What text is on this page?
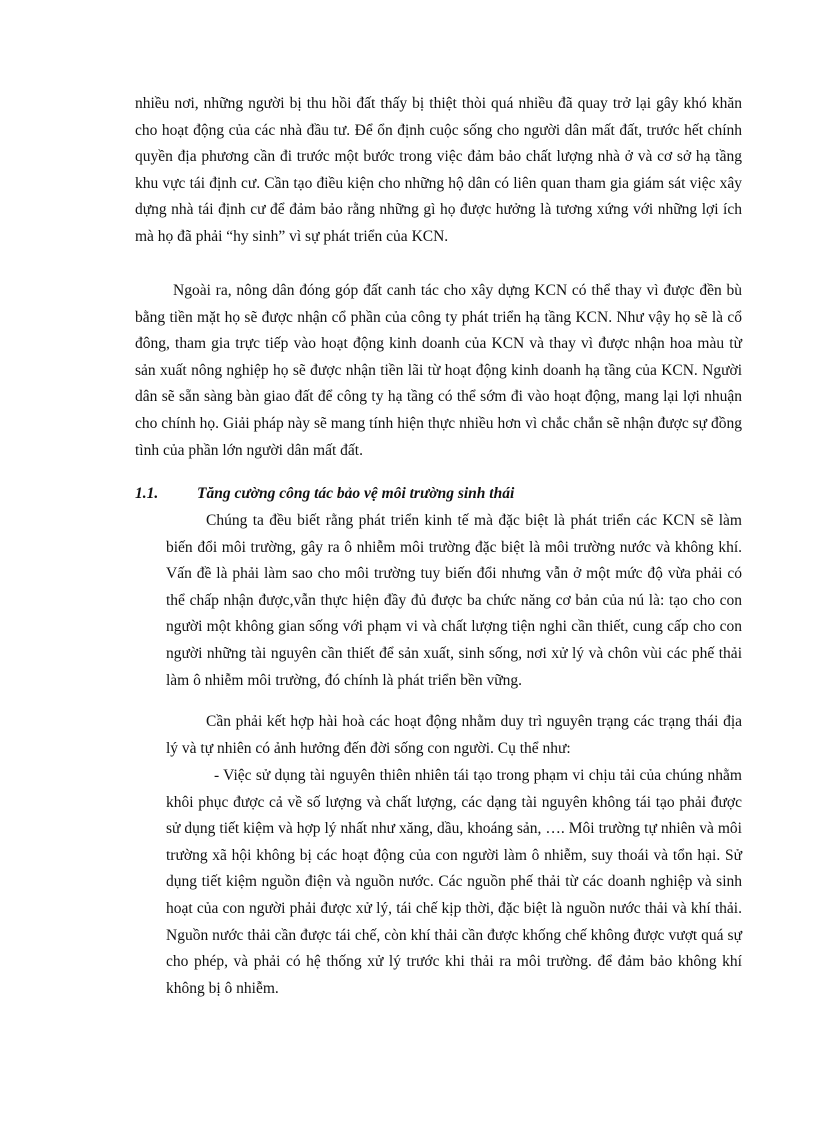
nhiều nơi, những người bị thu hồi đất thấy bị thiệt thòi quá nhiều đã quay trở lại gây khó khăn cho hoạt động của các nhà đầu tư. Để ổn định cuộc sống cho người dân mất đất, trước hết chính quyền địa phương cần đi trước một bước trong việc đảm bảo chất lượng nhà ở và cơ sở hạ tầng khu vực tái định cư. Cần tạo điều kiện cho những hộ dân có liên quan tham gia giám sát việc xây dựng nhà tái định cư để đảm bảo rằng những gì họ được hưởng là tương xứng với những lợi ích mà họ đã phải “hy sinh” vì sự phát triển của KCN.

Ngoài ra, nông dân đóng góp đất canh tác cho xây dựng KCN có thể thay vì được đền bù bằng tiền mặt họ sẽ được nhận cổ phần của công ty phát triển hạ tầng KCN. Như vậy họ sẽ là cổ đông, tham gia trực tiếp vào hoạt động kinh doanh của KCN và thay vì được nhận hoa màu từ sản xuất nông nghiệp họ sẽ được nhận tiền lãi từ hoạt động kinh doanh hạ tầng của KCN. Người dân sẽ sẵn sàng bàn giao đất để công ty hạ tầng có thể sớm đi vào hoạt động, mang lại lợi nhuận cho chính họ. Giải pháp này sẽ mang tính hiện thực nhiều hơn vì chắc chắn sẽ nhận được sự đồng tình của phần lớn người dân mất đất.

1.1.	Tăng cường công tác bảo vệ môi trường sinh thái

Chúng ta đều biết rằng phát triển kinh tế mà đặc biệt là phát triển các KCN sẽ làm biến đổi môi trường, gây ra ô nhiễm môi trường đặc biệt là môi trường nước và không khí. Vấn đề là phải làm sao cho môi trường tuy biến đổi nhưng vẫn ở một mức độ vừa phải có thể chấp nhận được,vẫn thực hiện đầy đủ được ba chức năng cơ bản của nú là: tạo cho con người một không gian sống với phạm vi và chất lượng tiện nghi cần thiết, cung cấp cho con người những tài nguyên cần thiết để sản xuất, sinh sống, nơi xử lý và chôn vùi các phế thải làm ô nhiễm môi trường, đó chính là phát triển bền vững.

Cần phải kết hợp hài hoà các hoạt động nhằm duy trì nguyên trạng các trạng thái địa lý và tự nhiên có ảnh hưởng đến đời sống con người. Cụ thể như:

- Việc sử dụng tài nguyên thiên nhiên tái tạo trong phạm vi chịu tải của chúng nhằm khôi phục được cả về số lượng và chất lượng, các dạng tài nguyên không tái tạo phải được sử dụng tiết kiệm và hợp lý nhất như xăng, dầu, khoáng sản, …. Môi trường tự nhiên và môi trường xã hội không bị các hoạt động của con người làm ô nhiễm, suy thoái và tổn hại. Sử dụng tiết kiệm nguồn điện và nguồn nước. Các nguồn phế thải từ các doanh nghiệp và sinh hoạt của con người phải được xử lý, tái chế kịp thời, đặc biệt là nguồn nước thải và khí thải. Nguồn nước thải cần được tái chế, còn khí thải cần được khống chế không được vượt quá sự cho phép, và phải có hệ thống xử lý trước khi thải ra môi trường. để đảm bảo không khí không bị ô nhiễm.
